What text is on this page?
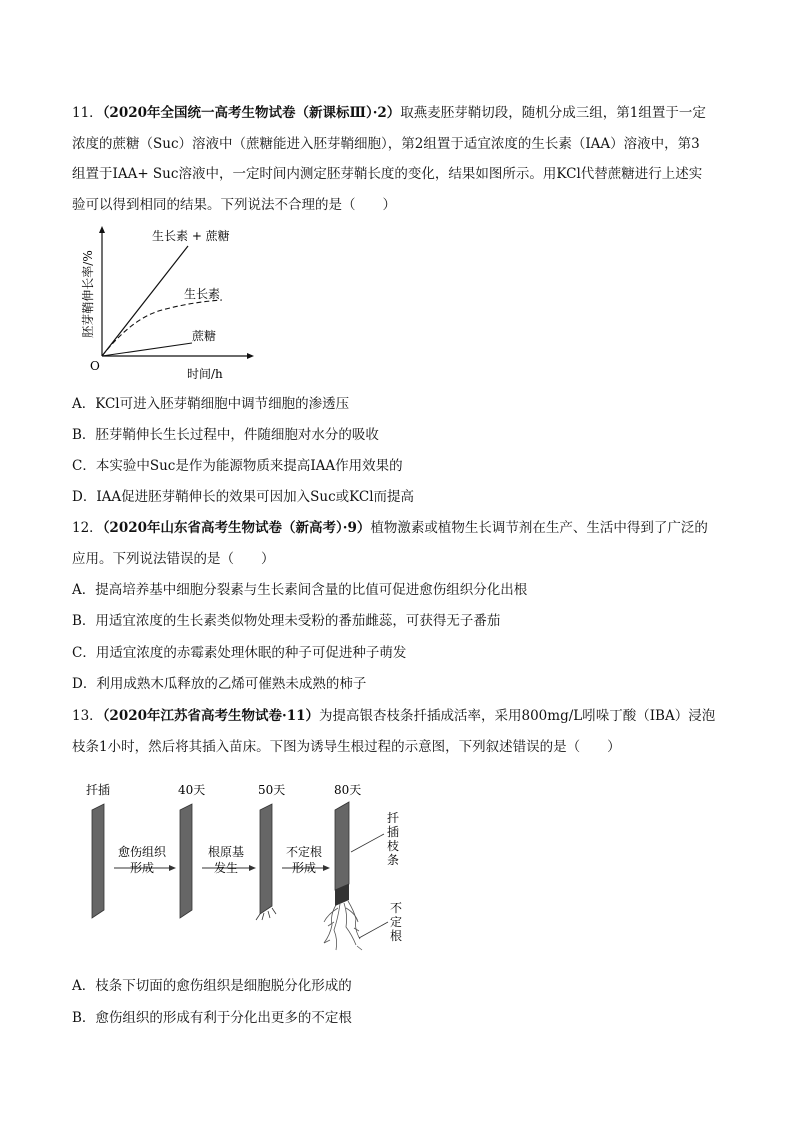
11．（2020年全国统一高考生物试卷（新课标Ⅲ）·2）取燕麦胚芽鞘切段，随机分成三组，第1组置于一定
浓度的蔗糖（Suc）溶液中（蔗糖能进入胚芽鞘细胞），第2组置于适宜浓度的生长素（IAA）溶液中，第3
组置于IAA+ Suc溶液中，一定时间内测定胚芽鞘长度的变化，结果如图所示。用KCl代替蔗糖进行上述实
验可以得到相同的结果。下列说法不合理的是（　　）
胚芽鞘伸长率/%
O
时间/h
生长素 + 蔗糖
生长素
蔗糖
A．KCl可进入胚芽鞘细胞中调节细胞的渗透压
B．胚芽鞘伸长生长过程中，件随细胞对水分的吸收
C．本实验中Suc是作为能源物质来提高IAA作用效果的
D．IAA促进胚芽鞘伸长的效果可因加入Suc或KCl而提高
12．（2020年山东省高考生物试卷（新高考）·9）植物激素或植物生长调节剂在生产、生活中得到了广泛的
应用。下列说法错误的是（　　）
A．提高培养基中细胞分裂素与生长素间含量的比值可促进愈伤组织分化出根
B．用适宜浓度的生长素类似物处理未受粉的番茄雌蕊，可获得无子番茄
C．用适宜浓度的赤霉素处理休眠的种子可促进种子萌发
D．利用成熟木瓜释放的乙烯可催熟未成熟的柿子
13．（2020年江苏省高考生物试卷·11）为提高银杏枝条扦插成活率，采用800mg/L吲哚丁酸（IBA）浸泡
枝条1小时，然后将其插入苗床。下图为诱导生根过程的示意图，下列叙述错误的是（　　）
扦插	40天	50天	80天
愈伤组织
形成
根原基
发生
不定根
形成
扦
插
枝
条
不
定
根
A．枝条下切面的愈伤组织是细胞脱分化形成的
B．愈伤组织的形成有利于分化出更多的不定根
